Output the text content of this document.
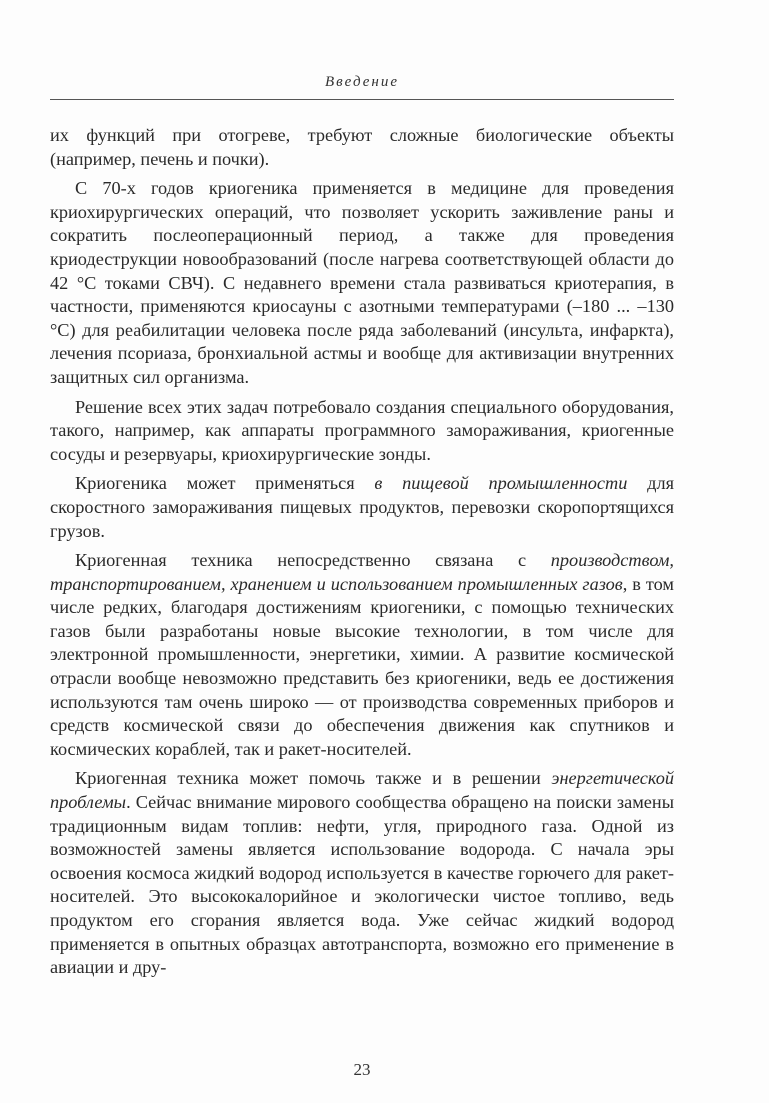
Введение

их функций при отогреве, требуют сложные биологические объекты (например, печень и почки).

С 70-х годов криогеника применяется в медицине для проведения криохирургических операций, что позволяет ускорить заживление раны и сократить послеоперационный период, а также для проведения криодеструкции новообразований (после нагрева соответствующей области до 42 °С токами СВЧ). С недавнего времени стала развиваться криотерапия, в частности, применяются криосауны с азотными температурами (–180 ... –130 °С) для реабилитации человека после ряда заболеваний (инсульта, инфаркта), лечения псориаза, бронхиальной астмы и вообще для активизации внутренних защитных сил организма.

Решение всех этих задач потребовало создания специального оборудования, такого, например, как аппараты программного замораживания, криогенные сосуды и резервуары, криохирургические зонды.

Криогеника может применяться в пищевой промышленности для скоростного замораживания пищевых продуктов, перевозки скоропортящихся грузов.

Криогенная техника непосредственно связана с производством, транспортированием, хранением и использованием промышленных газов, в том числе редких, благодаря достижениям криогеники, с помощью технических газов были разработаны новые высокие технологии, в том числе для электронной промышленности, энергетики, химии. А развитие космической отрасли вообще невозможно представить без криогеники, ведь ее достижения используются там очень широко — от производства современных приборов и средств космической связи до обеспечения движения как спутников и космических кораблей, так и ракет-носителей.

Криогенная техника может помочь также и в решении энергетической проблемы. Сейчас внимание мирового сообщества обращено на поиски замены традиционным видам топлив: нефти, угля, природного газа. Одной из возможностей замены является использование водорода. С начала эры освоения космоса жидкий водород используется в качестве горючего для ракет-носителей. Это высококалорийное и экологически чистое топливо, ведь продуктом его сгорания является вода. Уже сейчас жидкий водород применяется в опытных образцах автотранспорта, возможно его применение в авиации и дру-

23
